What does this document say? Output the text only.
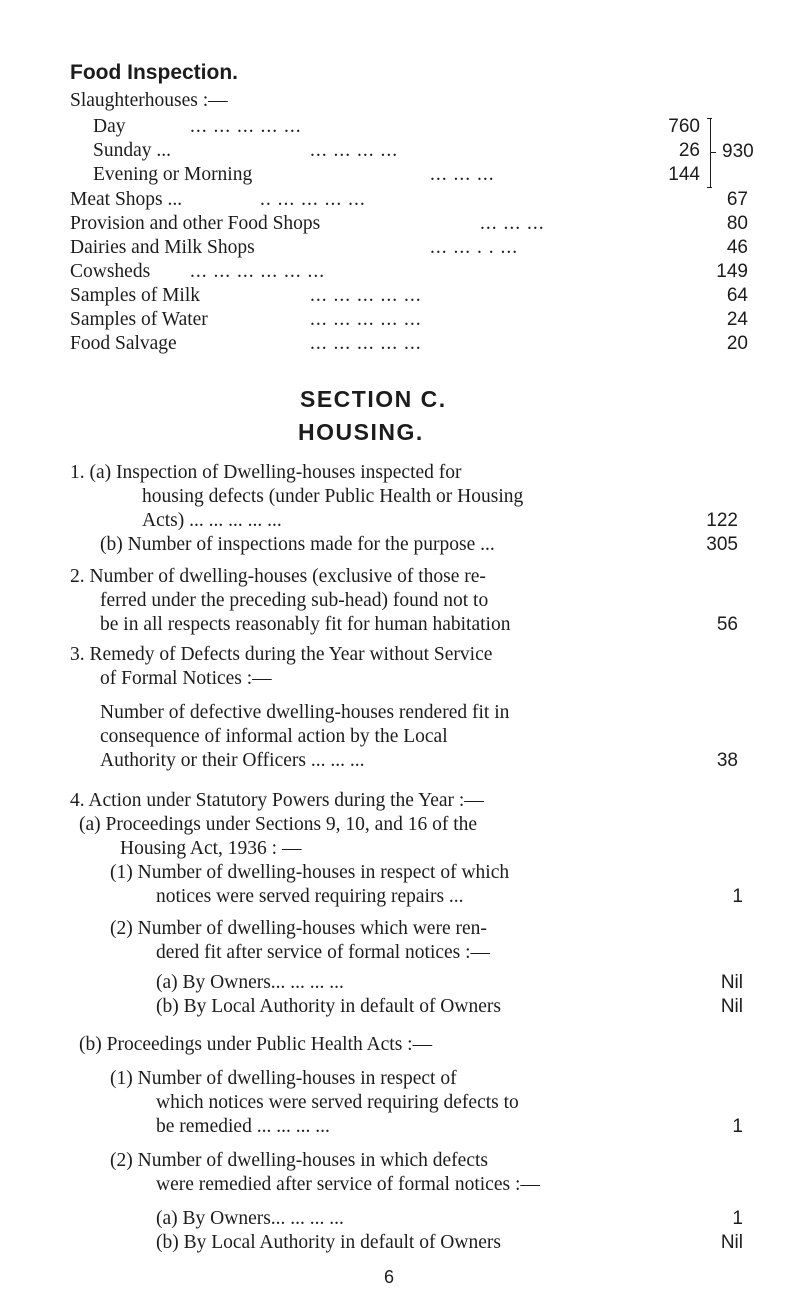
Food Inspection.
Slaughterhouses :—
Day	... ... ... ... ...	760
Sunday ...	... ... ... ...	26
Evening or Morning	... ... ...	144
930
Meat Shops ...	.. ... ... ... ...	67
Provision and other Food Shops	... ... ...	80
Dairies and Milk Shops	... ... . . ...	46
Cowsheds ... ... ... ... ... ...	149
Samples of Milk	... ... ... ... ...	64
Samples of Water	... ... ... ... ...	24
Food Salvage	... ... ... ... ...	20
SECTION C.
HOUSING.
1. (a) Inspection of Dwelling-houses inspected for
housing defects (under Public Health or Housing
Acts) ... ... ... ... ...	122
(b) Number of inspections made for the purpose ...	305
2. Number of dwelling-houses (exclusive of those re-
ferred under the preceding sub-head) found not to
be in all respects reasonably fit for human habitation	56
3. Remedy of Defects during the Year without Service
of Formal Notices :—
Number of defective dwelling-houses rendered fit in
consequence of informal action by the Local
Authority or their Officers ... ... ...	38
4. Action under Statutory Powers during the Year :—
(a) Proceedings under Sections 9, 10, and 16 of the
Housing Act, 1936 : —
(1) Number of dwelling-houses in respect of which
notices were served requiring repairs ...	1
(2) Number of dwelling-houses which were ren-
dered fit after service of formal notices :—
(a) By Owners... ... ... ...	Nil
(b) By Local Authority in default of Owners	Nil
(b) Proceedings under Public Health Acts :—
(1) Number of dwelling-houses in respect of
which notices were served requiring defects to
be remedied ... ... ... ...	1
(2) Number of dwelling-houses in which defects
were remedied after service of formal notices :—
(a) By Owners... ... ... ...	1
(b) By Local Authority in default of Owners	Nil
6
